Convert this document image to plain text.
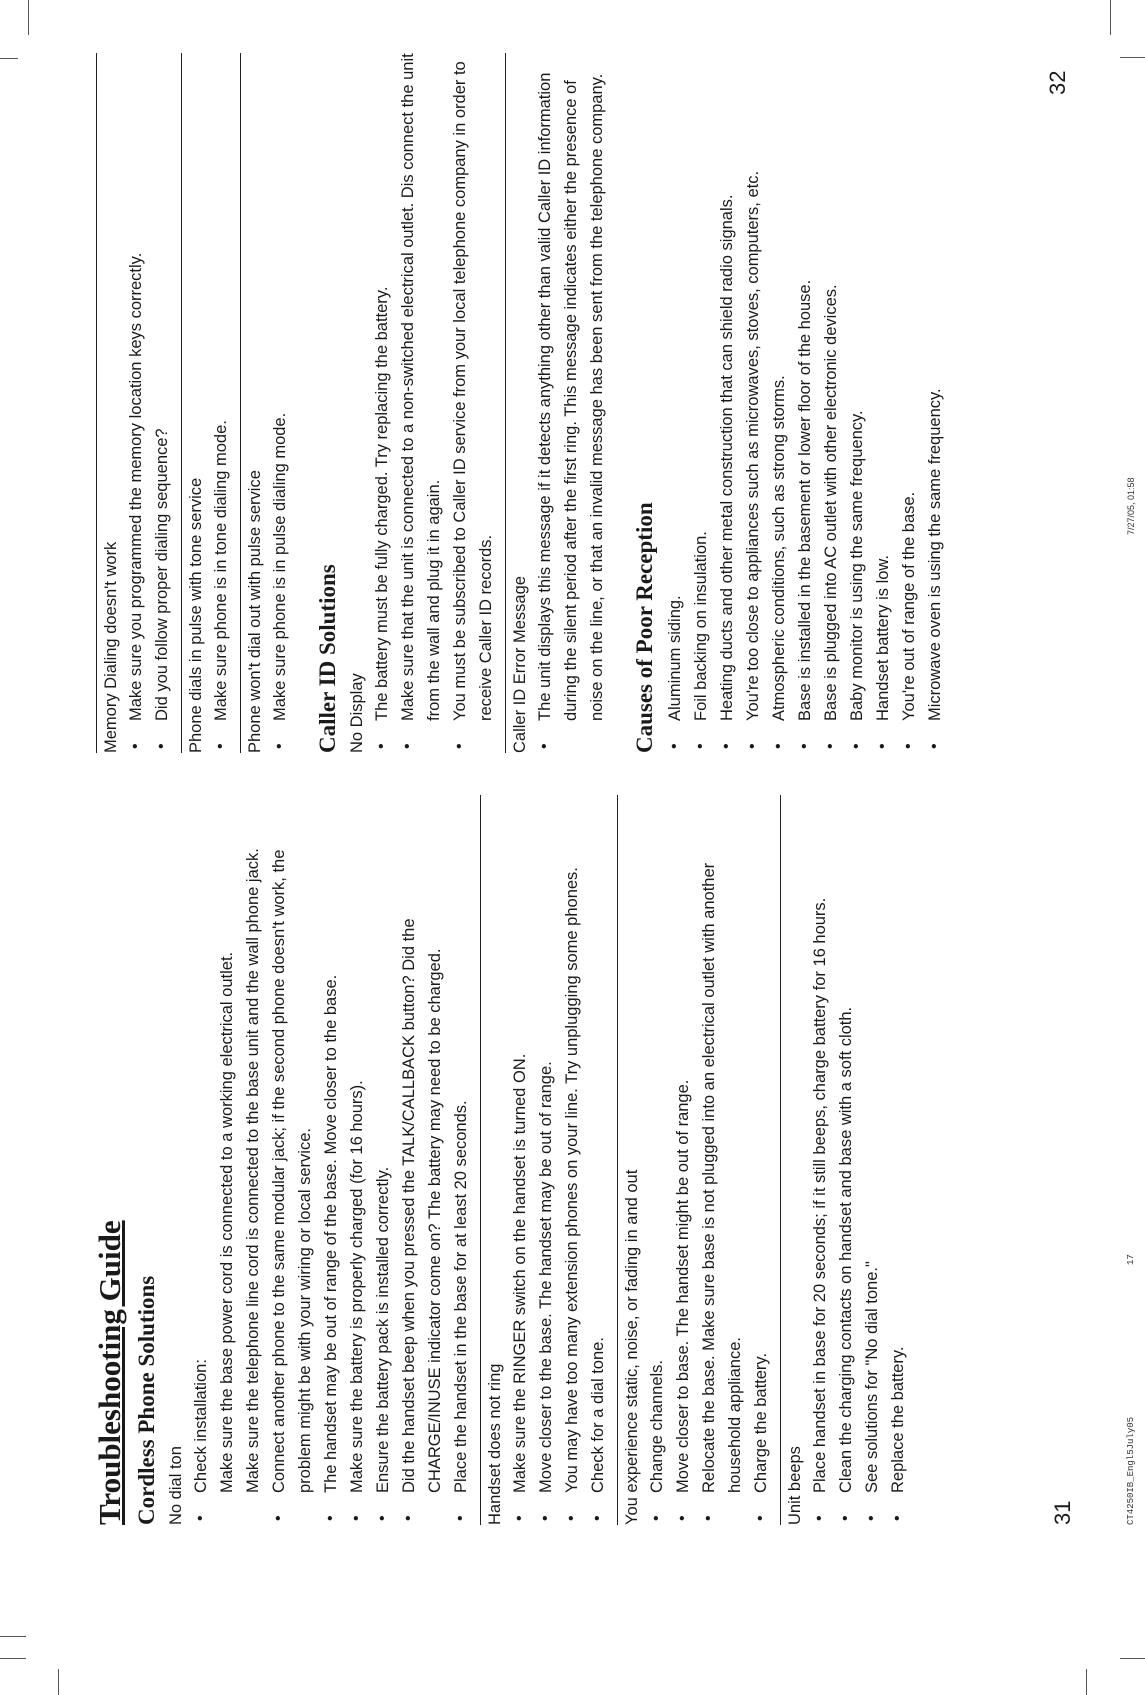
Troubleshooting Guide Cordless Phone Solutions No dial ton •
Check installation: Make sure the base power cord is connected to a working electrical outlet. Make sure the telephone line cord is connected to the base unit and the wall phone jack.
•
Connect another phone to the same modular jack; if the second phone doesn't work, the problem might be with your wiring or local service.
•
The handset may be out of range of the base. Move closer to the base.
•
Make sure the battery is properly charged (for 16 hours).
•
Ensure the battery pack is installed correctly.
•
Did the handset beep when you pressed the TALK/CALLBACK button? Did the CHARGE/INUSE indicator come on? The battery may need to be charged.
•
Place the handset in the base for at least 20 seconds. Handset does not ring •
Make sure the RINGER switch on the handset is turned ON.
•
Move closer to the base. The handset may be out of range.
•
You may have too many extension phones on your line. Try unplugging some phones.
•
Check for a dial tone. You experience static, noise, or fading in and out •
Change channels.
•
Move closer to base. The handset might be out of range.
•
Relocate the base. Make sure base is not plugged into an electrical outlet with another household appliance.
•
Charge the battery. Unit beeps •
Place handset in base for 20 seconds; if it still beeps, charge battery for 16 hours.
•
Clean the charging contacts on handset and base with a soft cloth.
•
See solutions for "No dial tone."
•
Replace the battery.
31
Memory Dialing doesn't work •
Make sure you programmed the memory location keys correctly.
•
Did you follow proper dialing sequence? Phone dials in pulse with tone service •
Make sure phone is in tone dialing mode. Phone won't dial out with pulse service •
Make sure phone is in pulse dialing mode. Caller ID Solutions No Display •
The battery must be fully charged. Try replacing the battery.
•
Make sure that the unit is connected to a non-switched electrical outlet. Dis connect the unit from the wall and plug it in again.
•
You must be subscribed to Caller ID service from your local telephone company in order to receive Caller ID records. Caller ID Error Message •
The unit displays this message if it detects anything other than valid Caller ID information during the silent period after the first ring. This message indicates either the presence of noise on the line, or that an invalid message has been sent from the telephone company. Causes of Poor Reception •
Aluminum siding.
•
Foil backing on insulation.
•
Heating ducts and other metal construction that can shield radio signals.
•
You're too close to appliances such as microwaves, stoves, computers, etc.
•
Atmospheric conditions, such as strong storms.
•
Base is installed in the basement or lower floor of the house.
•
Base is plugged into AC outlet with other electronic devices.
•
Baby monitor is using the same frequency.
•
Handset battery is low.
•
You're out of range of the base.
•
Microwave oven is using the same frequency.
32
CT4250IB_Engl5July05
17
7/27/05, 01:58
